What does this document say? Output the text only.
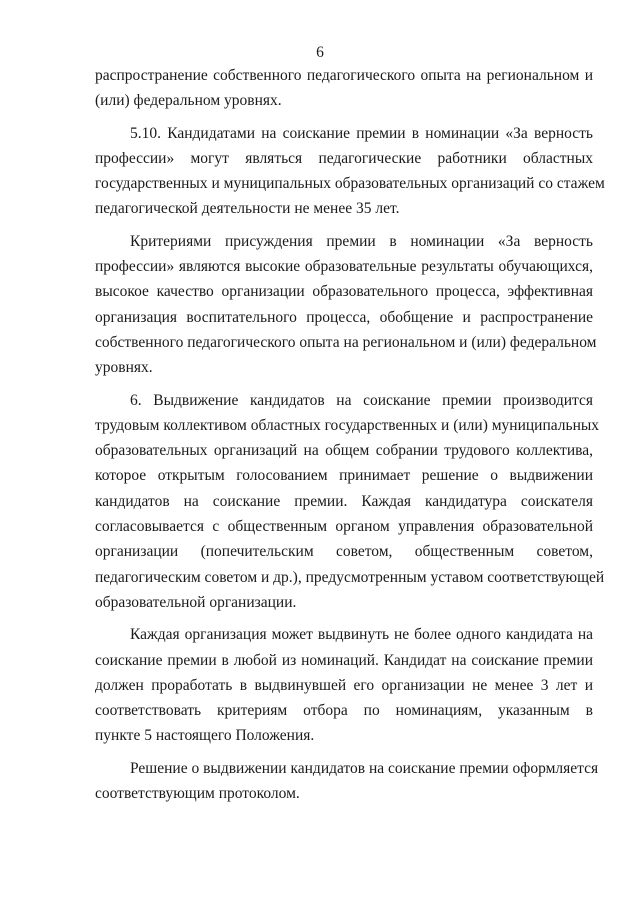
6
распространение собственного педагогического опыта на региональном и
(или) федеральном уровнях.
5.10. Кандидатами на соискание премии в номинации «За верность
профессии» могут являться педагогические работники областных
государственных и муниципальных образовательных организаций со стажем
педагогической деятельности не менее 35 лет.
Критериями присуждения премии в номинации «За верность
профессии» являются высокие образовательные результаты обучающихся,
высокое качество организации образовательного процесса, эффективная
организация воспитательного процесса, обобщение и распространение
собственного педагогического опыта на региональном и (или) федеральном
уровнях.
6. Выдвижение кандидатов на соискание премии производится
трудовым коллективом областных государственных и (или) муниципальных
образовательных организаций на общем собрании трудового коллектива,
которое открытым голосованием принимает решение о выдвижении
кандидатов на соискание премии. Каждая кандидатура соискателя
согласовывается с общественным органом управления образовательной
организации (попечительским советом, общественным советом,
педагогическим советом и др.), предусмотренным уставом соответствующей
образовательной организации.
Каждая организация может выдвинуть не более одного кандидата на
соискание премии в любой из номинаций. Кандидат на соискание премии
должен проработать в выдвинувшей его организации не менее 3 лет и
соответствовать критериям отбора по номинациям, указанным в
пункте 5 настоящего Положения.
Решение о выдвижении кандидатов на соискание премии оформляется
соответствующим протоколом.
